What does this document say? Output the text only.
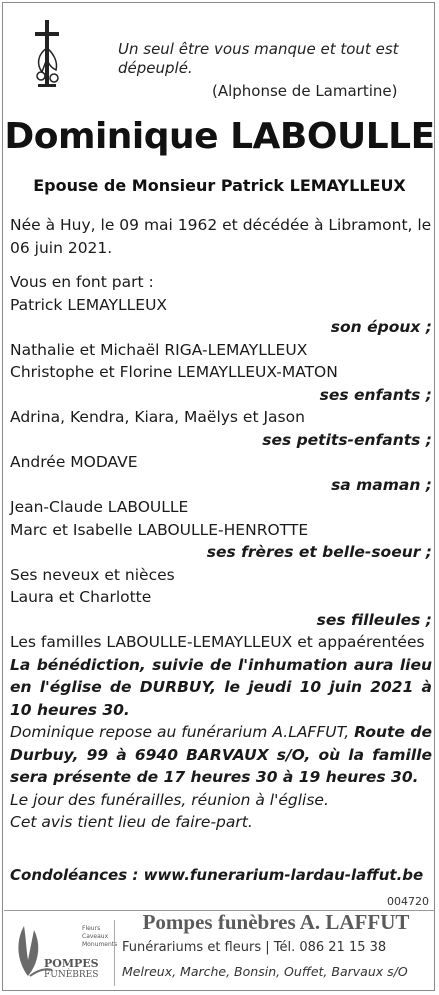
Un seul être vous manque et tout est dépeuplé.
(Alphonse de Lamartine)
Dominique LABOULLE
Epouse de Monsieur Patrick LEMAYLLEUX

Née à Huy, le 09 mai 1962 et décédée à Libramont, le 06 juin 2021.

Vous en font part :

Patrick LEMAYLLEUX

son époux ;

Nathalie et Michaël RIGA-LEMAYLLEUX

Christophe et Florine LEMAYLLEUX-MATON

ses enfants ;

Adrina, Kendra, Kiara, Maëlys et Jason

ses petits-enfants ;

Andrée MODAVE

sa maman ;

Jean-Claude LABOULLE

Marc et Isabelle LABOULLE-HENROTTE

ses frères et belle-soeur ;

Ses neveux et nièces

Laura et Charlotte

ses filleules ;

Les familles LABOULLE-LEMAYLLEUX et appaérentées

La bénédiction, suivie de l'inhumation aura lieu en l'église de DURBUY, le jeudi 10 juin 2021 à 10 heures 30.

Dominique repose au funérarium A.LAFFUT, Route de Durbuy, 99 à 6940 BARVAUX s/O, où la famille sera présente de 17 heures 30 à 19 heures 30.

Le jour des funérailles, réunion à l'église.

Cet avis tient lieu de faire-part.

Condoléances : www.funerarium-lardau-laffut.be
004720
Fleurs
Caveaux
Monuments
POMPES
FUNÈBRES
Pompes funèbres A. LAFFUT
Funérariums et fleurs | Tél. 086 21 15 38
Melreux, Marche, Bonsin, Ouffet, Barvaux s/O
